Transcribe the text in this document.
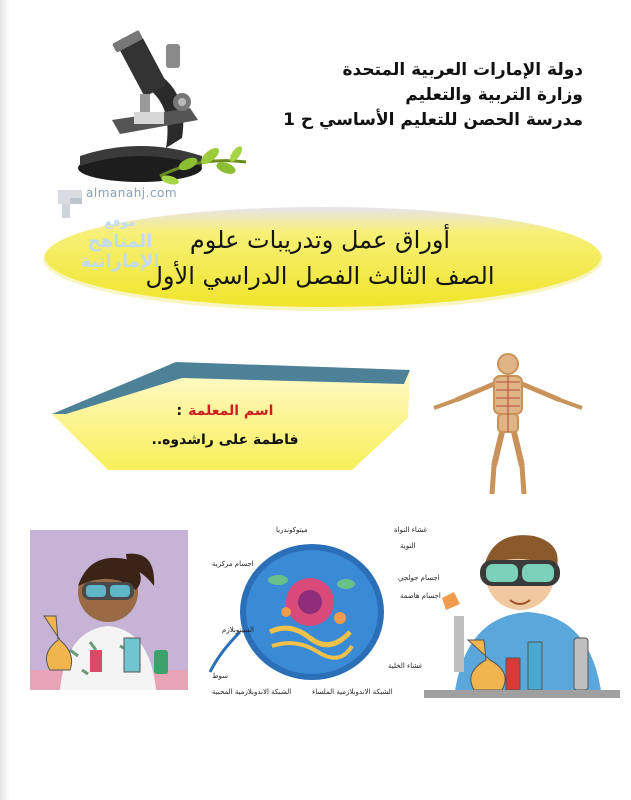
دولة الإمارات العربية المتحدة
وزارة التربية والتعليم
مدرسة الحصن للتعليم الأساسي ح 1
almanahj.com
موقع
المناهج الإماراتية
أوراق عمل وتدريبات علوم
الصف الثالث الفصل الدراسي الأول
اسم المعلمة:
فاطمة على راشدوه..
ميتوكوندريا	غشاء النواة
النوية
اجسام مركزية
اجسام جولجي
اجسام هاضمة
السيتوبلازم
غشاء الخلية
سوط
الشبكة الاندوبلازمية المحببة	الشبكة الاندوبلازمية الملساء
